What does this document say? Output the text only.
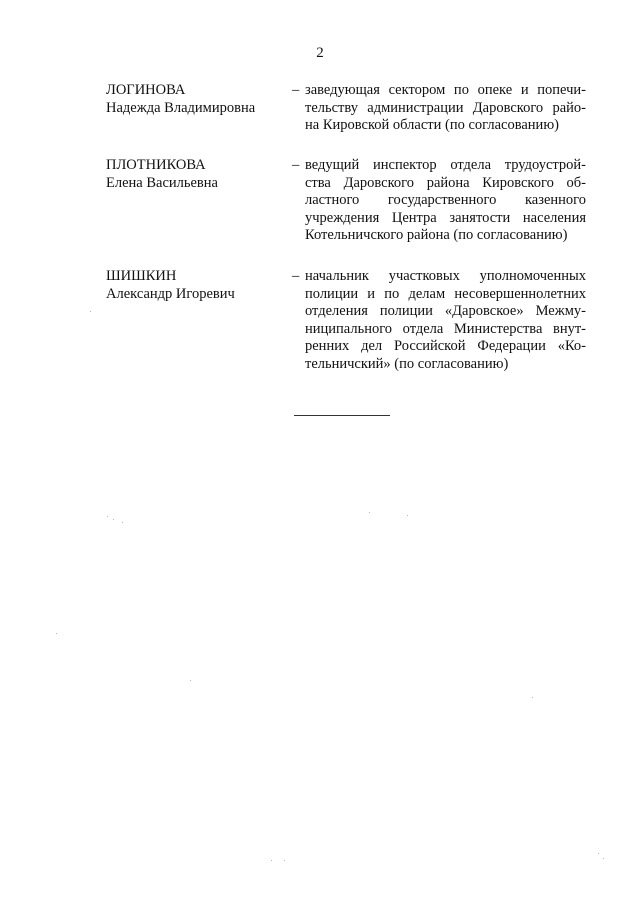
2
ЛОГИНОВА
Надежда Владимировна
– заведующая сектором по опеке и попечи-
тельству администрации Даровского райо-
на Кировской области (по согласованию)
ПЛОТНИКОВА
Елена Васильевна
– ведущий инспектор отдела трудоустрой-
ства Даровского района Кировского об-
ластного государственного казенного
учреждения Центра занятости населения
Котельничского района (по согласованию)
ШИШКИН
Александр Игоревич
– начальник участковых уполномоченных
полиции и по делам несовершеннолетних
отделения полиции «Даровское» Межму-
ниципального отдела Министерства внут-
ренних дел Российской Федерации «Ко-
тельничский» (по согласованию)
